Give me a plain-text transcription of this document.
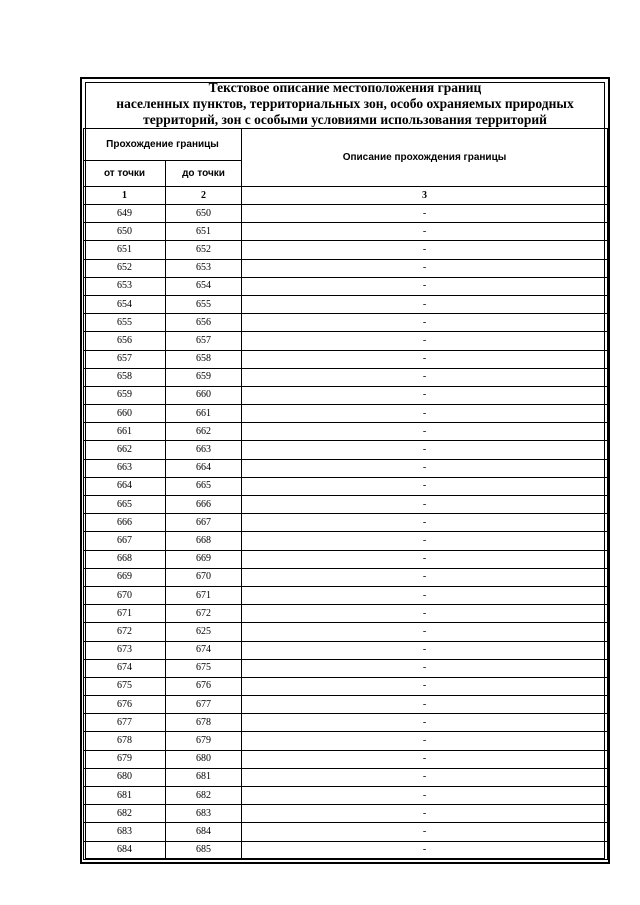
Текстовое описание местоположения границ
населенных пунктов, территориальных зон, особо охраняемых природных
территорий, зон с особыми условиями использования территорий
Прохождение границы		Описание прохождения границы
от точки	до точки	
1	2	3
649	650	-
650	651	-
651	652	-
652	653	-
653	654	-
654	655	-
655	656	-
656	657	-
657	658	-
658	659	-
659	660	-
660	661	-
661	662	-
662	663	-
663	664	-
664	665	-
665	666	-
666	667	-
667	668	-
668	669	-
669	670	-
670	671	-
671	672	-
672	625	-
673	674	-
674	675	-
675	676	-
676	677	-
677	678	-
678	679	-
679	680	-
680	681	-
681	682	-
682	683	-
683	684	-
684	685	-
